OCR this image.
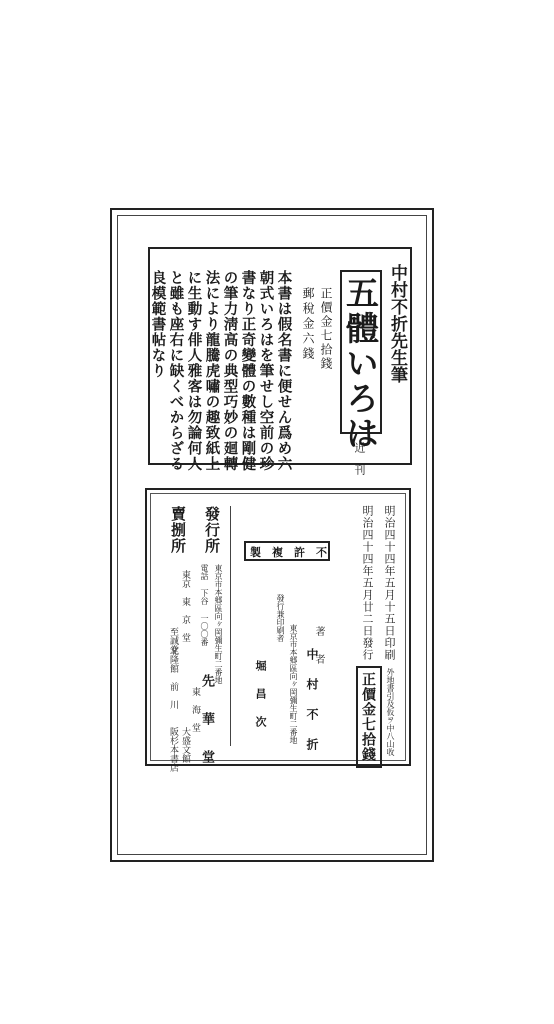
中村不折先生筆
五體いろは
正價金七拾錢
郵稅金六錢
近　刊
本書は假名書に便せん爲め六
朝式いろはを筆せし空前の珍
書なり正奇變體の數種は剛健
の筆力淸高の典型巧妙の廻轉
法により龍騰虎嘯の趣致紙上
に生動す俳人雅客は勿論何人
と雖も座右に缺くべからざる
良模範書帖なり
明治四十四年五月十五日印刷
明治四十四年五月廿二日發行
外地書引及仮ヲ中八山收
正價金七拾錢
不許複製
著　者
中　村　不　折
發行兼印刷者
東京市本郷區向ヶ岡彌生町二番地
堀　昌　次
發行所
東京市本郷區向ヶ岡彌生町二番地
電話 下谷 一〇〇番
先　華　堂
賣捌所
東京　東　京　堂
　　　東　海　堂
　　　大盛文館
北隆館　前　川
　　　至誠堂
　　　阪杉本書店
